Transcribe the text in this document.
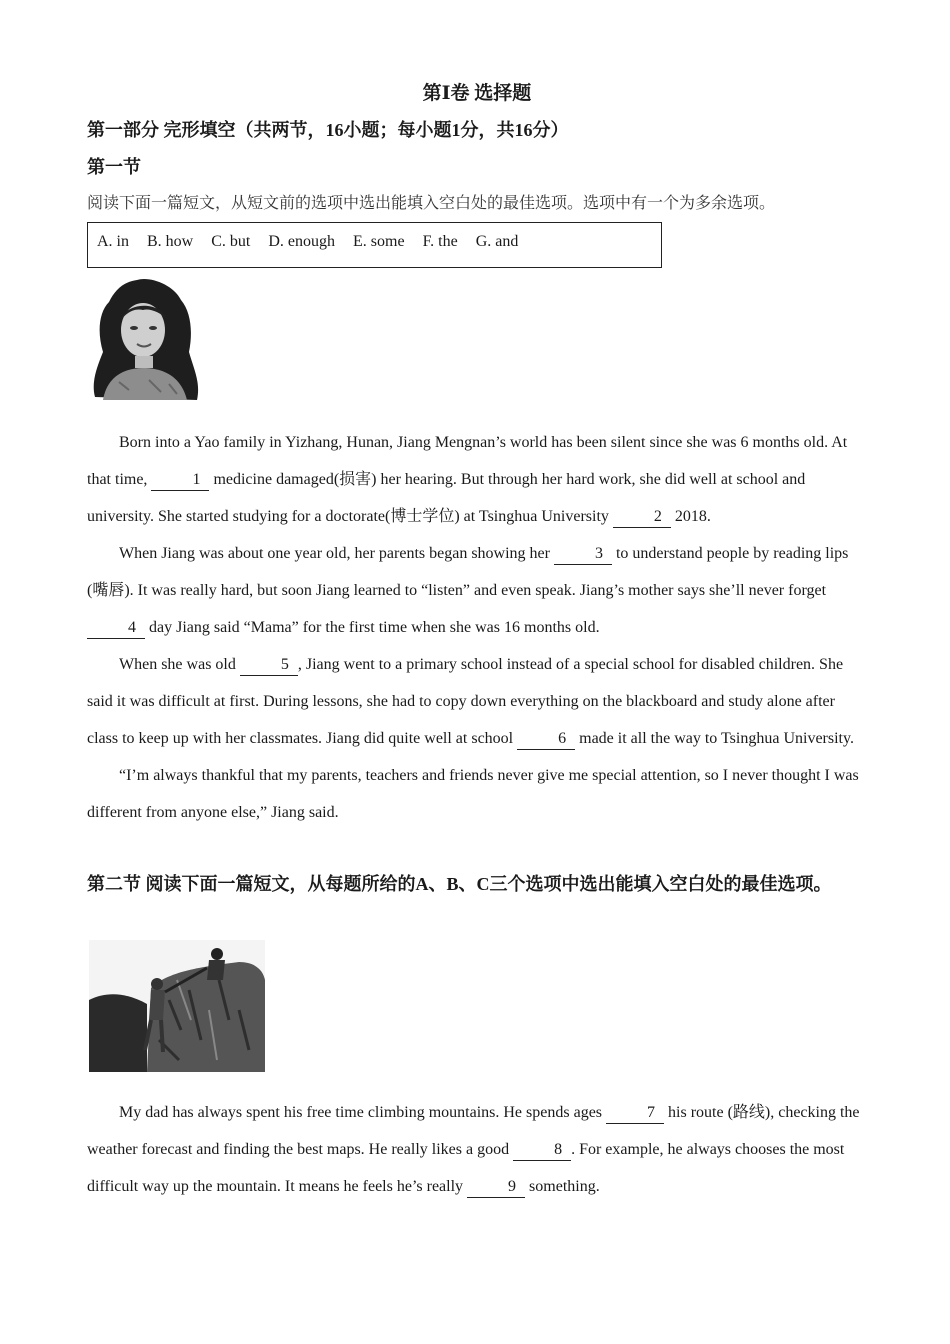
第Ⅰ卷 选择题
第一部分 完形填空（共两节，16小题；每小题1分，共16分）
第一节
阅读下面一篇短文，从短文前的选项中选出能填入空白处的最佳选项。选项中有一个为多余选项。
A. in B. how C. but D. enough E. some F. the G. and

Born into a Yao family in Yizhang, Hunan, Jiang Mengnan’s world has been silent since she was 6 months old. At that time,	1 medicine damaged(损害) her hearing. But through her hard work, she did well at school and university. She started studying for a doctorate(博士学位) at Tsinghua University	2 2018.

When Jiang was about one year old, her parents began showing her	3 to understand people by reading lips (嘴唇). It was really hard, but soon Jiang learned to “listen” and even speak. Jiang’s mother says she’ll never forget 4 day Jiang said “Mama” for the first time when she was 16 months old.

When she was old	5 , Jiang went to a primary school instead of a special school for disabled children. She said it was difficult at first. During lessons, she had to copy down everything on the blackboard and study alone after class to keep up with her classmates. Jiang did quite well at school	6 made it all the way to Tsinghua University.

“I’m always thankful that my parents, teachers and friends never give me special attention, so I never thought I was different from anyone else,” Jiang said.

第二节 阅读下面一篇短文，从每题所给的A、B、C三个选项中选出能填入空白处的最佳选项。

My dad has always spent his free time climbing mountains. He spends ages	7 his route (路线), checking the weather forecast and finding the best maps. He really likes a good	8 . For example, he always chooses the most difficult way up the mountain. It means he feels he’s really	9 something.
